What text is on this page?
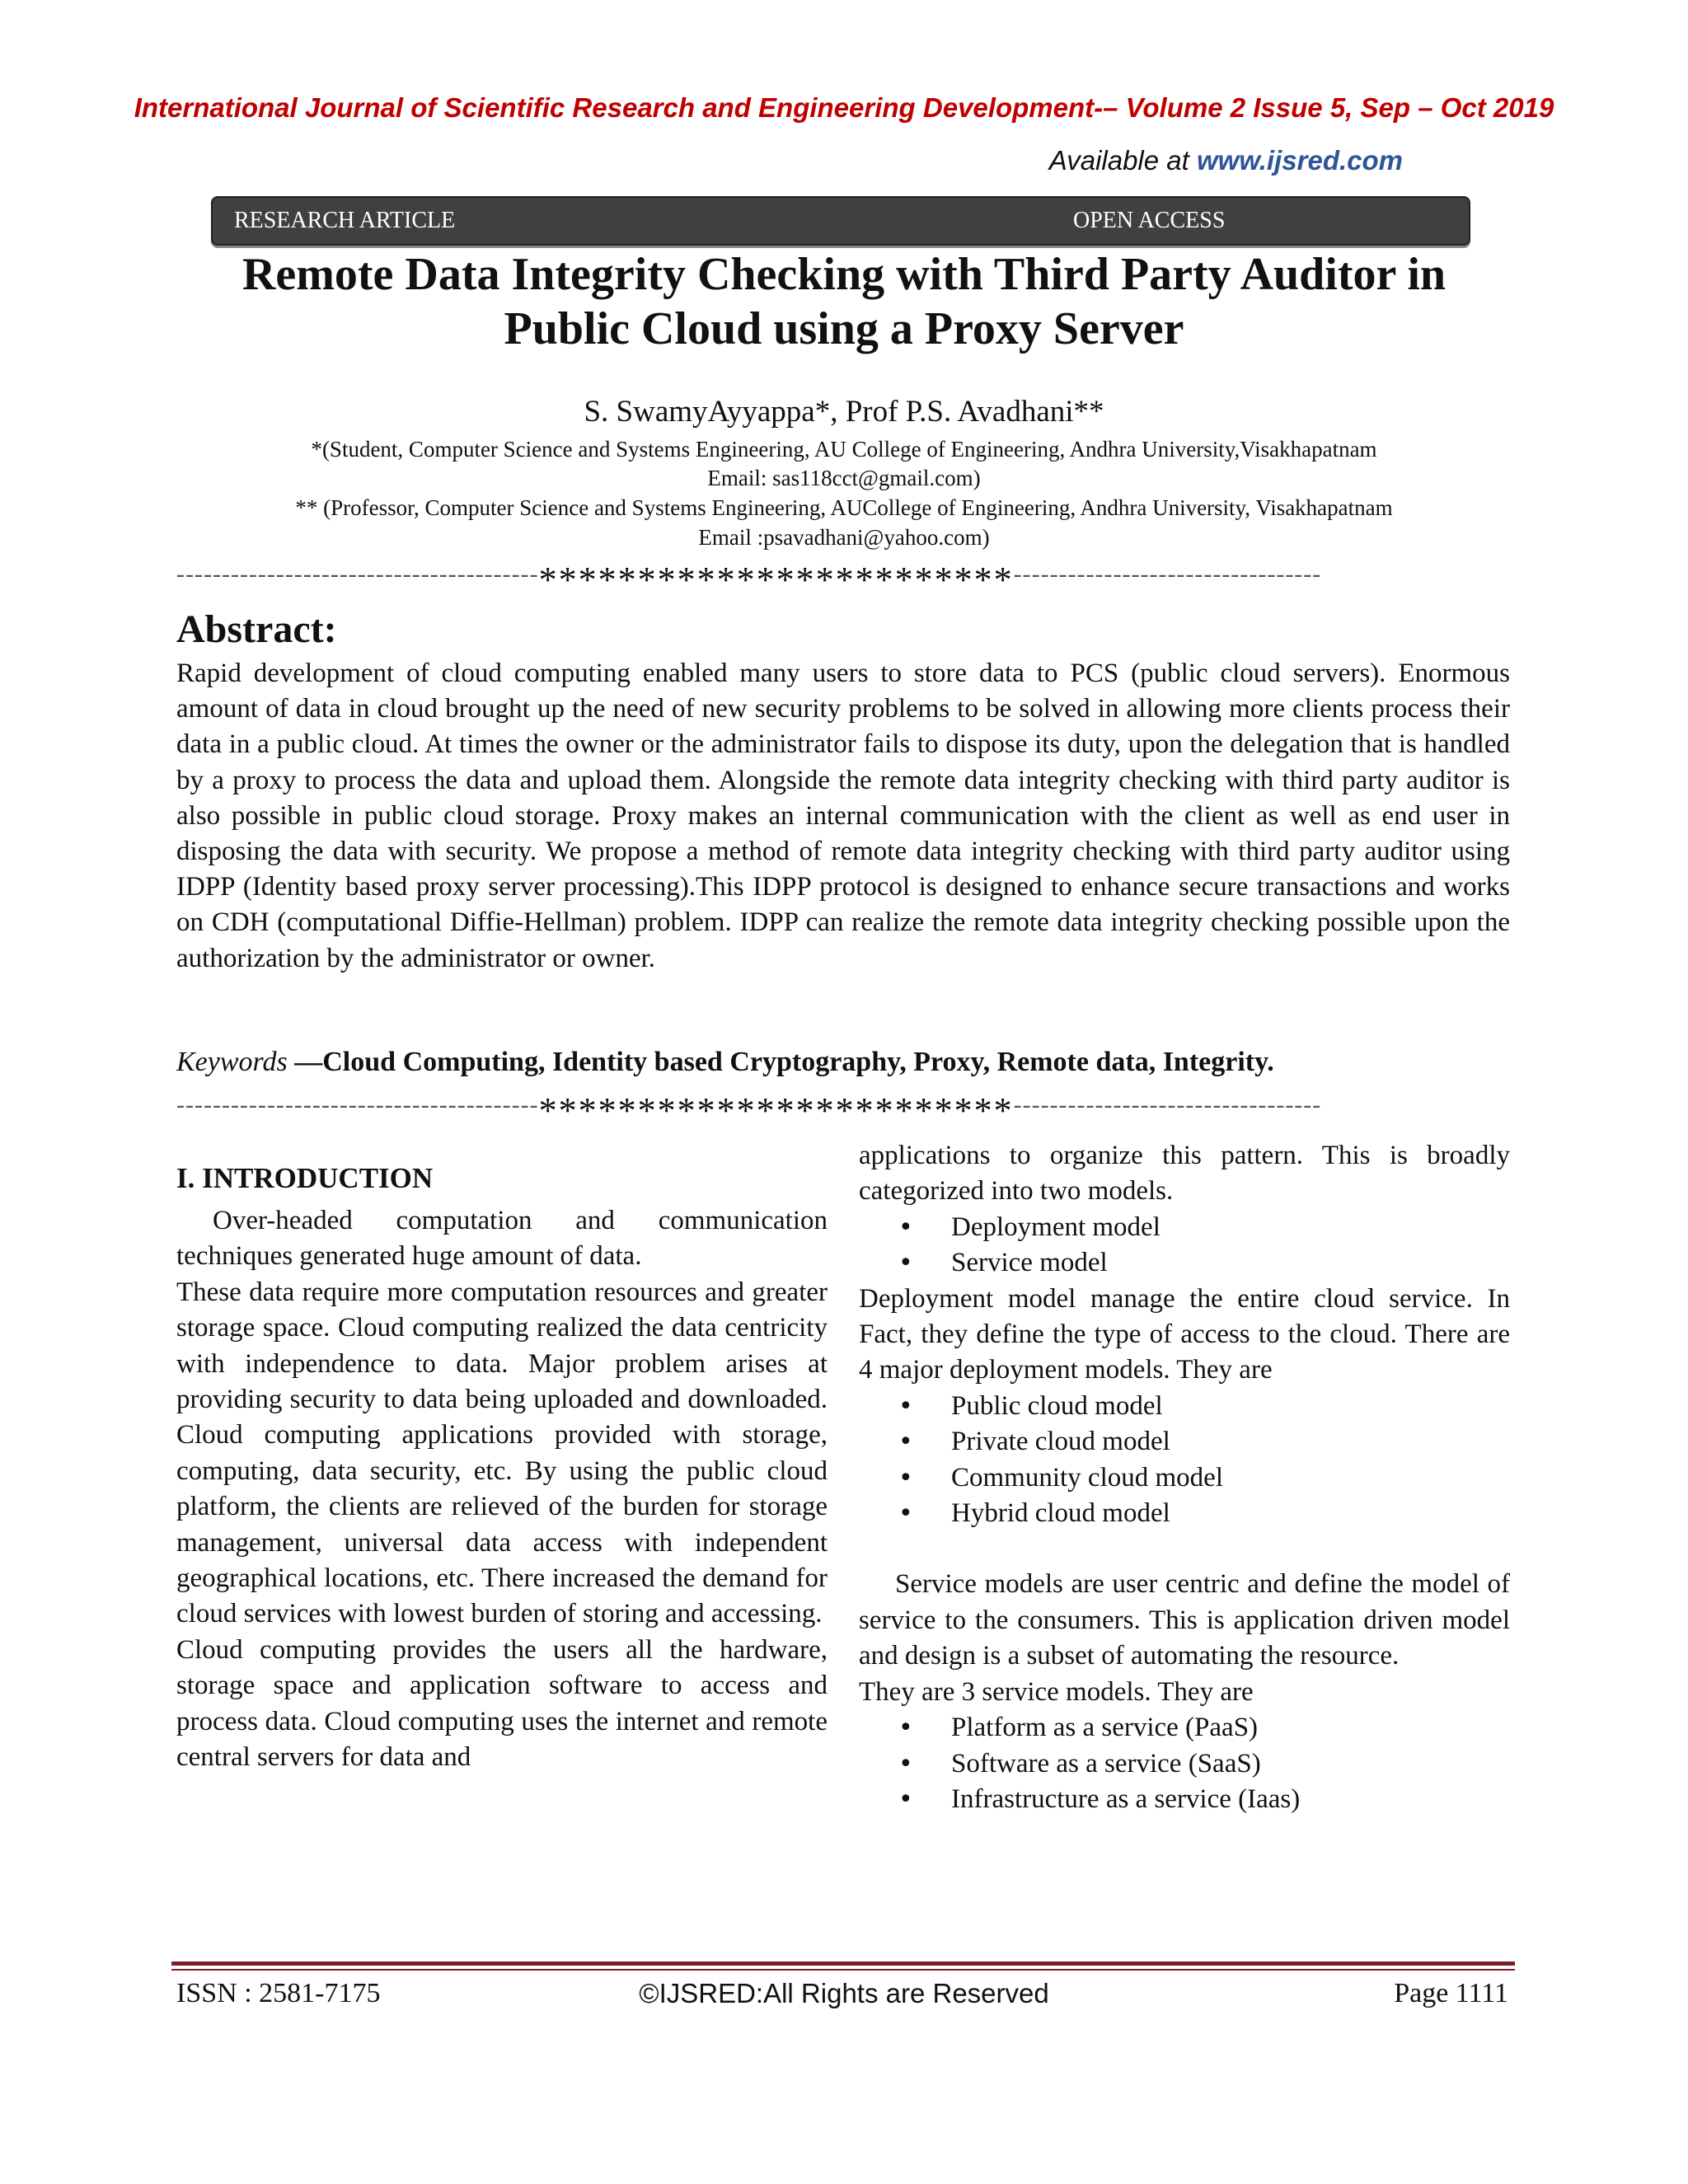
International Journal of Scientific Research and Engineering Development-– Volume 2 Issue 5, Sep – Oct 2019
Available at www.ijsred.com
RESEARCH ARTICLE	OPEN ACCESS
Remote Data Integrity Checking with Third Party Auditor in
Public Cloud using a Proxy Server
S. SwamyAyyappa*, Prof P.S. Avadhani**
*(Student, Computer Science and Systems Engineering, AU College of Engineering, Andhra University,Visakhapatnam
Email: sas118cct@gmail.com)
** (Professor, Computer Science and Systems Engineering, AUCollege of Engineering, Andhra University, Visakhapatnam
Email :psavadhani@yahoo.com)
----------------------------------------************************----------------------------------
Abstract:
Rapid development of cloud computing enabled many users to store data to PCS (public cloud servers). Enormous amount of data in cloud brought up the need of new security problems to be solved in allowing more clients process their data in a public cloud. At times the owner or the administrator fails to dispose its duty, upon the delegation that is handled by a proxy to process the data and upload them. Alongside the remote data integrity checking with third party auditor is also possible in public cloud storage. Proxy makes an internal communication with the client as well as end user in disposing the data with security. We propose a method of remote data integrity checking with third party auditor using IDPP (Identity based proxy server processing).This IDPP protocol is designed to enhance secure transactions and works on CDH (computational Diffie-Hellman) problem. IDPP can realize the remote data integrity checking possible upon the authorization by the administrator or owner.
Keywords —Cloud Computing, Identity based Cryptography, Proxy, Remote data, Integrity.
----------------------------------------************************----------------------------------
I. INTRODUCTION

Over-headed computation and communication techniques generated huge amount of data.

These data require more computation resources and greater storage space. Cloud computing realized the data centricity with independence to data. Major problem arises at providing security to data being uploaded and downloaded. Cloud computing applications provided with storage, computing, data security, etc. By using the public cloud platform, the clients are relieved of the burden for storage management, universal data access with independent geographical locations, etc. There increased the demand for cloud services with lowest burden of storing and accessing.

Cloud computing provides the users all the hardware, storage space and application software to access and process data. Cloud computing uses the internet and remote central servers for data and

applications to organize this pattern. This is broadly categorized into two models.

• Deployment model
• Service model

Deployment model manage the entire cloud service. In Fact, they define the type of access to the cloud. There are 4 major deployment models. They are

• Public cloud model
• Private cloud model
• Community cloud model
• Hybrid cloud model

Service models are user centric and define the model of service to the consumers. This is application driven model and design is a subset of automating the resource.

They are 3 service models. They are

• Platform as a service (PaaS)
• Software as a service (SaaS)
• Infrastructure as a service (Iaas)
ISSN : 2581-7175	©IJSRED:All Rights are Reserved	Page 1111
